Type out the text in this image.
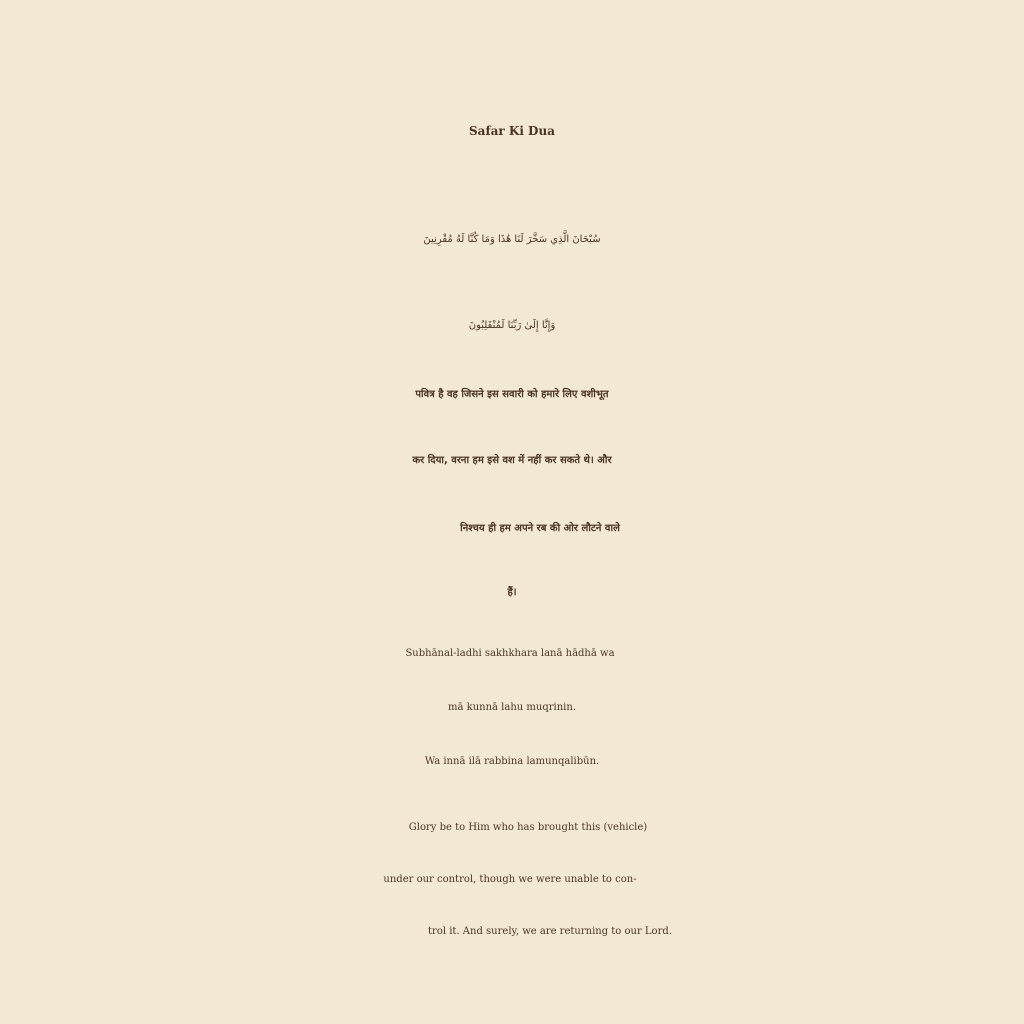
Safar Ki Dua
سُبْحَانَ الَّذِي سَخَّرَ لَنَا هَٰذَا وَمَا كُنَّا لَهُ مُقْرِنِينَ
وَإِنَّا إِلَىٰ رَبِّنَا لَمُنْقَلِبُونَ
पवित्र है वह जिसने इस सवारी को हमारे लिए वशीभूत
कर दिया, वरना हम इसे वश में नहीं कर सकते थे। और
निश्चय ही हम अपने रब की ओर लौटने वाले
हैं।
Subhānal-ladhi sakhkhara lanā hādhā wa
mā kunnā lahu muqrinin.
Wa innā ilā rabbina lamunqalibūn.
Glory be to Him who has brought this (vehicle)
under our control, though we were unable to con-
trol it. And surely, we are returning to our Lord.
